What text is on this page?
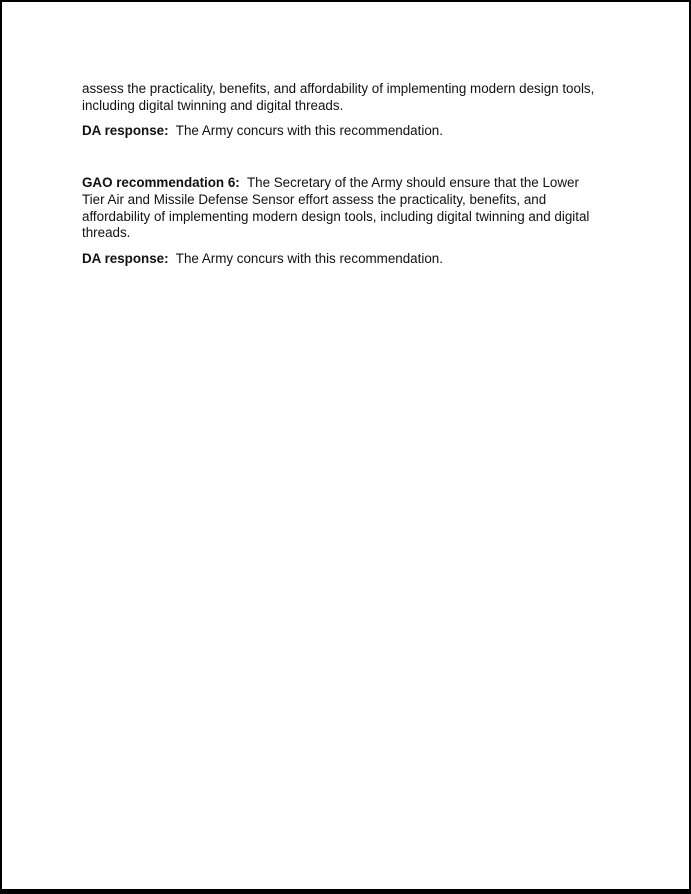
assess the practicality, benefits, and affordability of implementing modern design tools, including digital twinning and digital threads.

DA response:  The Army concurs with this recommendation.

GAO recommendation 6:  The Secretary of the Army should ensure that the Lower Tier Air and Missile Defense Sensor effort assess the practicality, benefits, and affordability of implementing modern design tools, including digital twinning and digital threads.

DA response:  The Army concurs with this recommendation.
